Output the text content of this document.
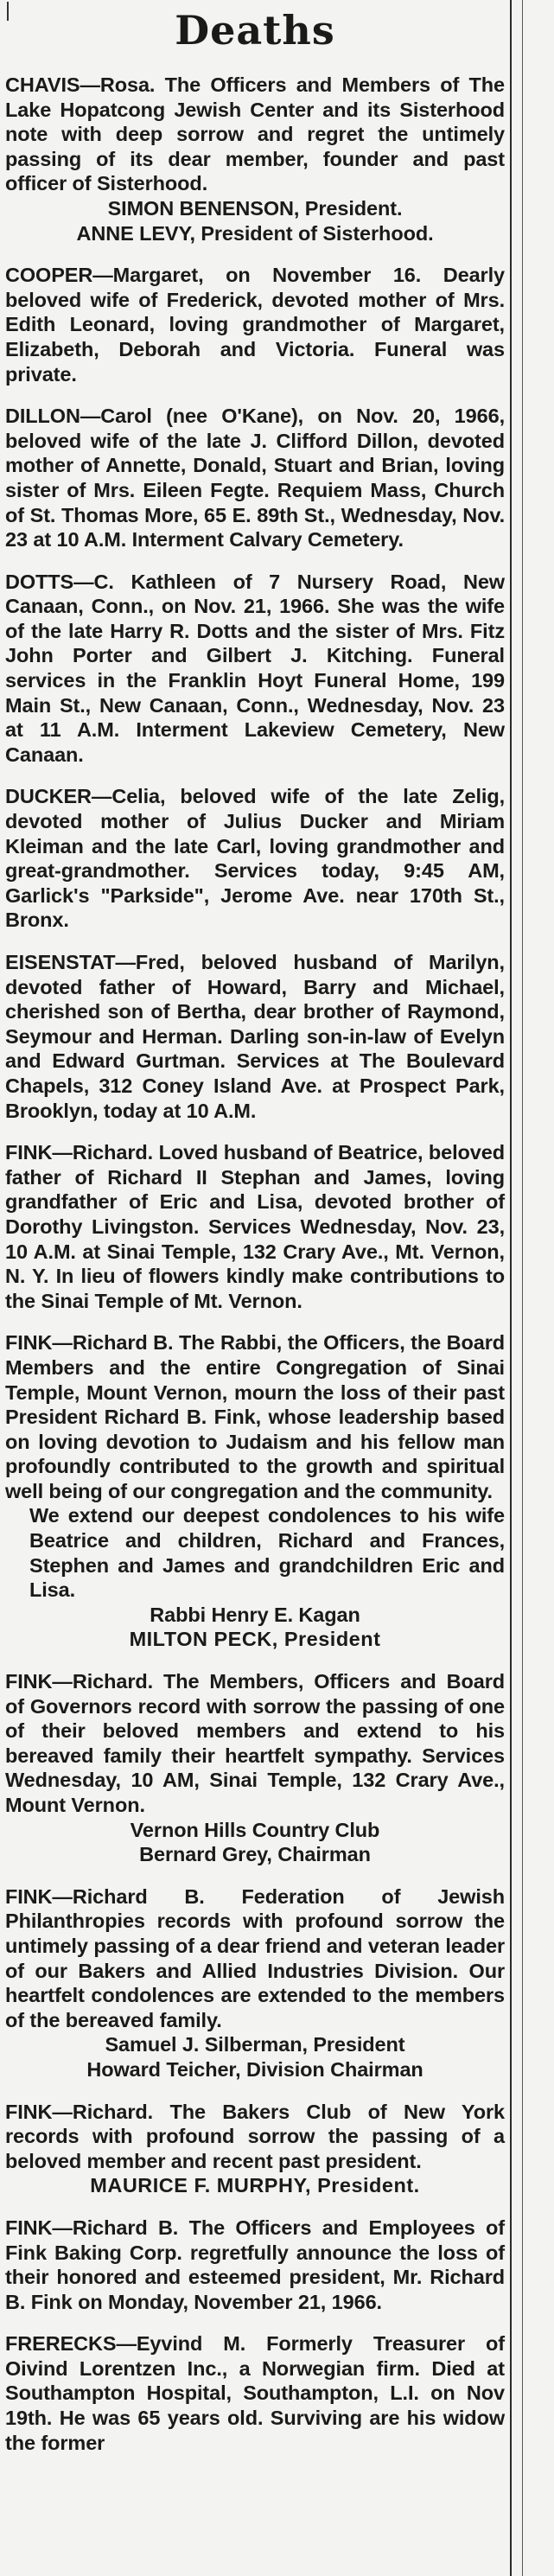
Deaths

CHAVIS—Rosa. The Officers and Members of The Lake Hopatcong Jewish Center and its Sisterhood note with deep sorrow and regret the untimely passing of its dear member, founder and past officer of Sisterhood.

SIMON BENENSON, President.
ANNE LEVY, President of Sisterhood.

COOPER—Margaret, on November 16. Dearly beloved wife of Frederick, devoted mother of Mrs. Edith Leonard, loving grandmother of Margaret, Elizabeth, Deborah and Victoria. Funeral was private.

DILLON—Carol (nee O'Kane), on Nov. 20, 1966, beloved wife of the late J. Clifford Dillon, devoted mother of Annette, Donald, Stuart and Brian, loving sister of Mrs. Eileen Fegte. Requiem Mass, Church of St. Thomas More, 65 E. 89th St., Wednesday, Nov. 23 at 10 A.M. Interment Calvary Cemetery.

DOTTS—C. Kathleen of 7 Nursery Road, New Canaan, Conn., on Nov. 21, 1966. She was the wife of the late Harry R. Dotts and the sister of Mrs. Fitz John Porter and Gilbert J. Kitching. Funeral services in the Franklin Hoyt Funeral Home, 199 Main St., New Canaan, Conn., Wednesday, Nov. 23 at 11 A.M. Interment Lakeview Cemetery, New Canaan.

DUCKER—Celia, beloved wife of the late Zelig, devoted mother of Julius Ducker and Miriam Kleiman and the late Carl, loving grandmother and great-grandmother. Services today, 9:45 AM, Garlick's "Parkside", Jerome Ave. near 170th St., Bronx.

EISENSTAT—Fred, beloved husband of Marilyn, devoted father of Howard, Barry and Michael, cherished son of Bertha, dear brother of Raymond, Seymour and Herman. Darling son-in-law of Evelyn and Edward Gurtman. Services at The Boulevard Chapels, 312 Coney Island Ave. at Prospect Park, Brooklyn, today at 10 A.M.

FINK—Richard. Loved husband of Beatrice, beloved father of Richard II Stephan and James, loving grandfather of Eric and Lisa, devoted brother of Dorothy Livingston. Services Wednesday, Nov. 23, 10 A.M. at Sinai Temple, 132 Crary Ave., Mt. Vernon, N. Y. In lieu of flowers kindly make contributions to the Sinai Temple of Mt. Vernon.

FINK—Richard B. The Rabbi, the Officers, the Board Members and the entire Congregation of Sinai Temple, Mount Vernon, mourn the loss of their past President Richard B. Fink, whose leadership based on loving devotion to Judaism and his fellow man profoundly contributed to the growth and spiritual well being of our congregation and the community.

We extend our deepest condolences to his wife Beatrice and children, Richard and Frances, Stephen and James and grandchildren Eric and Lisa.

Rabbi Henry E. Kagan
MILTON PECK, President

FINK—Richard. The Members, Officers and Board of Governors record with sorrow the passing of one of their beloved members and extend to his bereaved family their heartfelt sympathy. Services Wednesday, 10 AM, Sinai Temple, 132 Crary Ave., Mount Vernon.

Vernon Hills Country Club
Bernard Grey, Chairman

FINK—Richard B. Federation of Jewish Philanthropies records with profound sorrow the untimely passing of a dear friend and veteran leader of our Bakers and Allied Industries Division. Our heartfelt condolences are extended to the members of the bereaved family.

Samuel J. Silberman, President
Howard Teicher, Division Chairman

FINK—Richard. The Bakers Club of New York records with profound sorrow the passing of a beloved member and recent past president.

MAURICE F. MURPHY, President.

FINK—Richard B. The Officers and Employees of Fink Baking Corp. regretfully announce the loss of their honored and esteemed president, Mr. Richard B. Fink on Monday, November 21, 1966.

FRERECKS—Eyvind M. Formerly Treasurer of Oivind Lorentzen Inc., a Norwegian firm. Died at Southampton Hospital, Southampton, L.I. on Nov 19th. He was 65 years old. Surviving are his widow the former
